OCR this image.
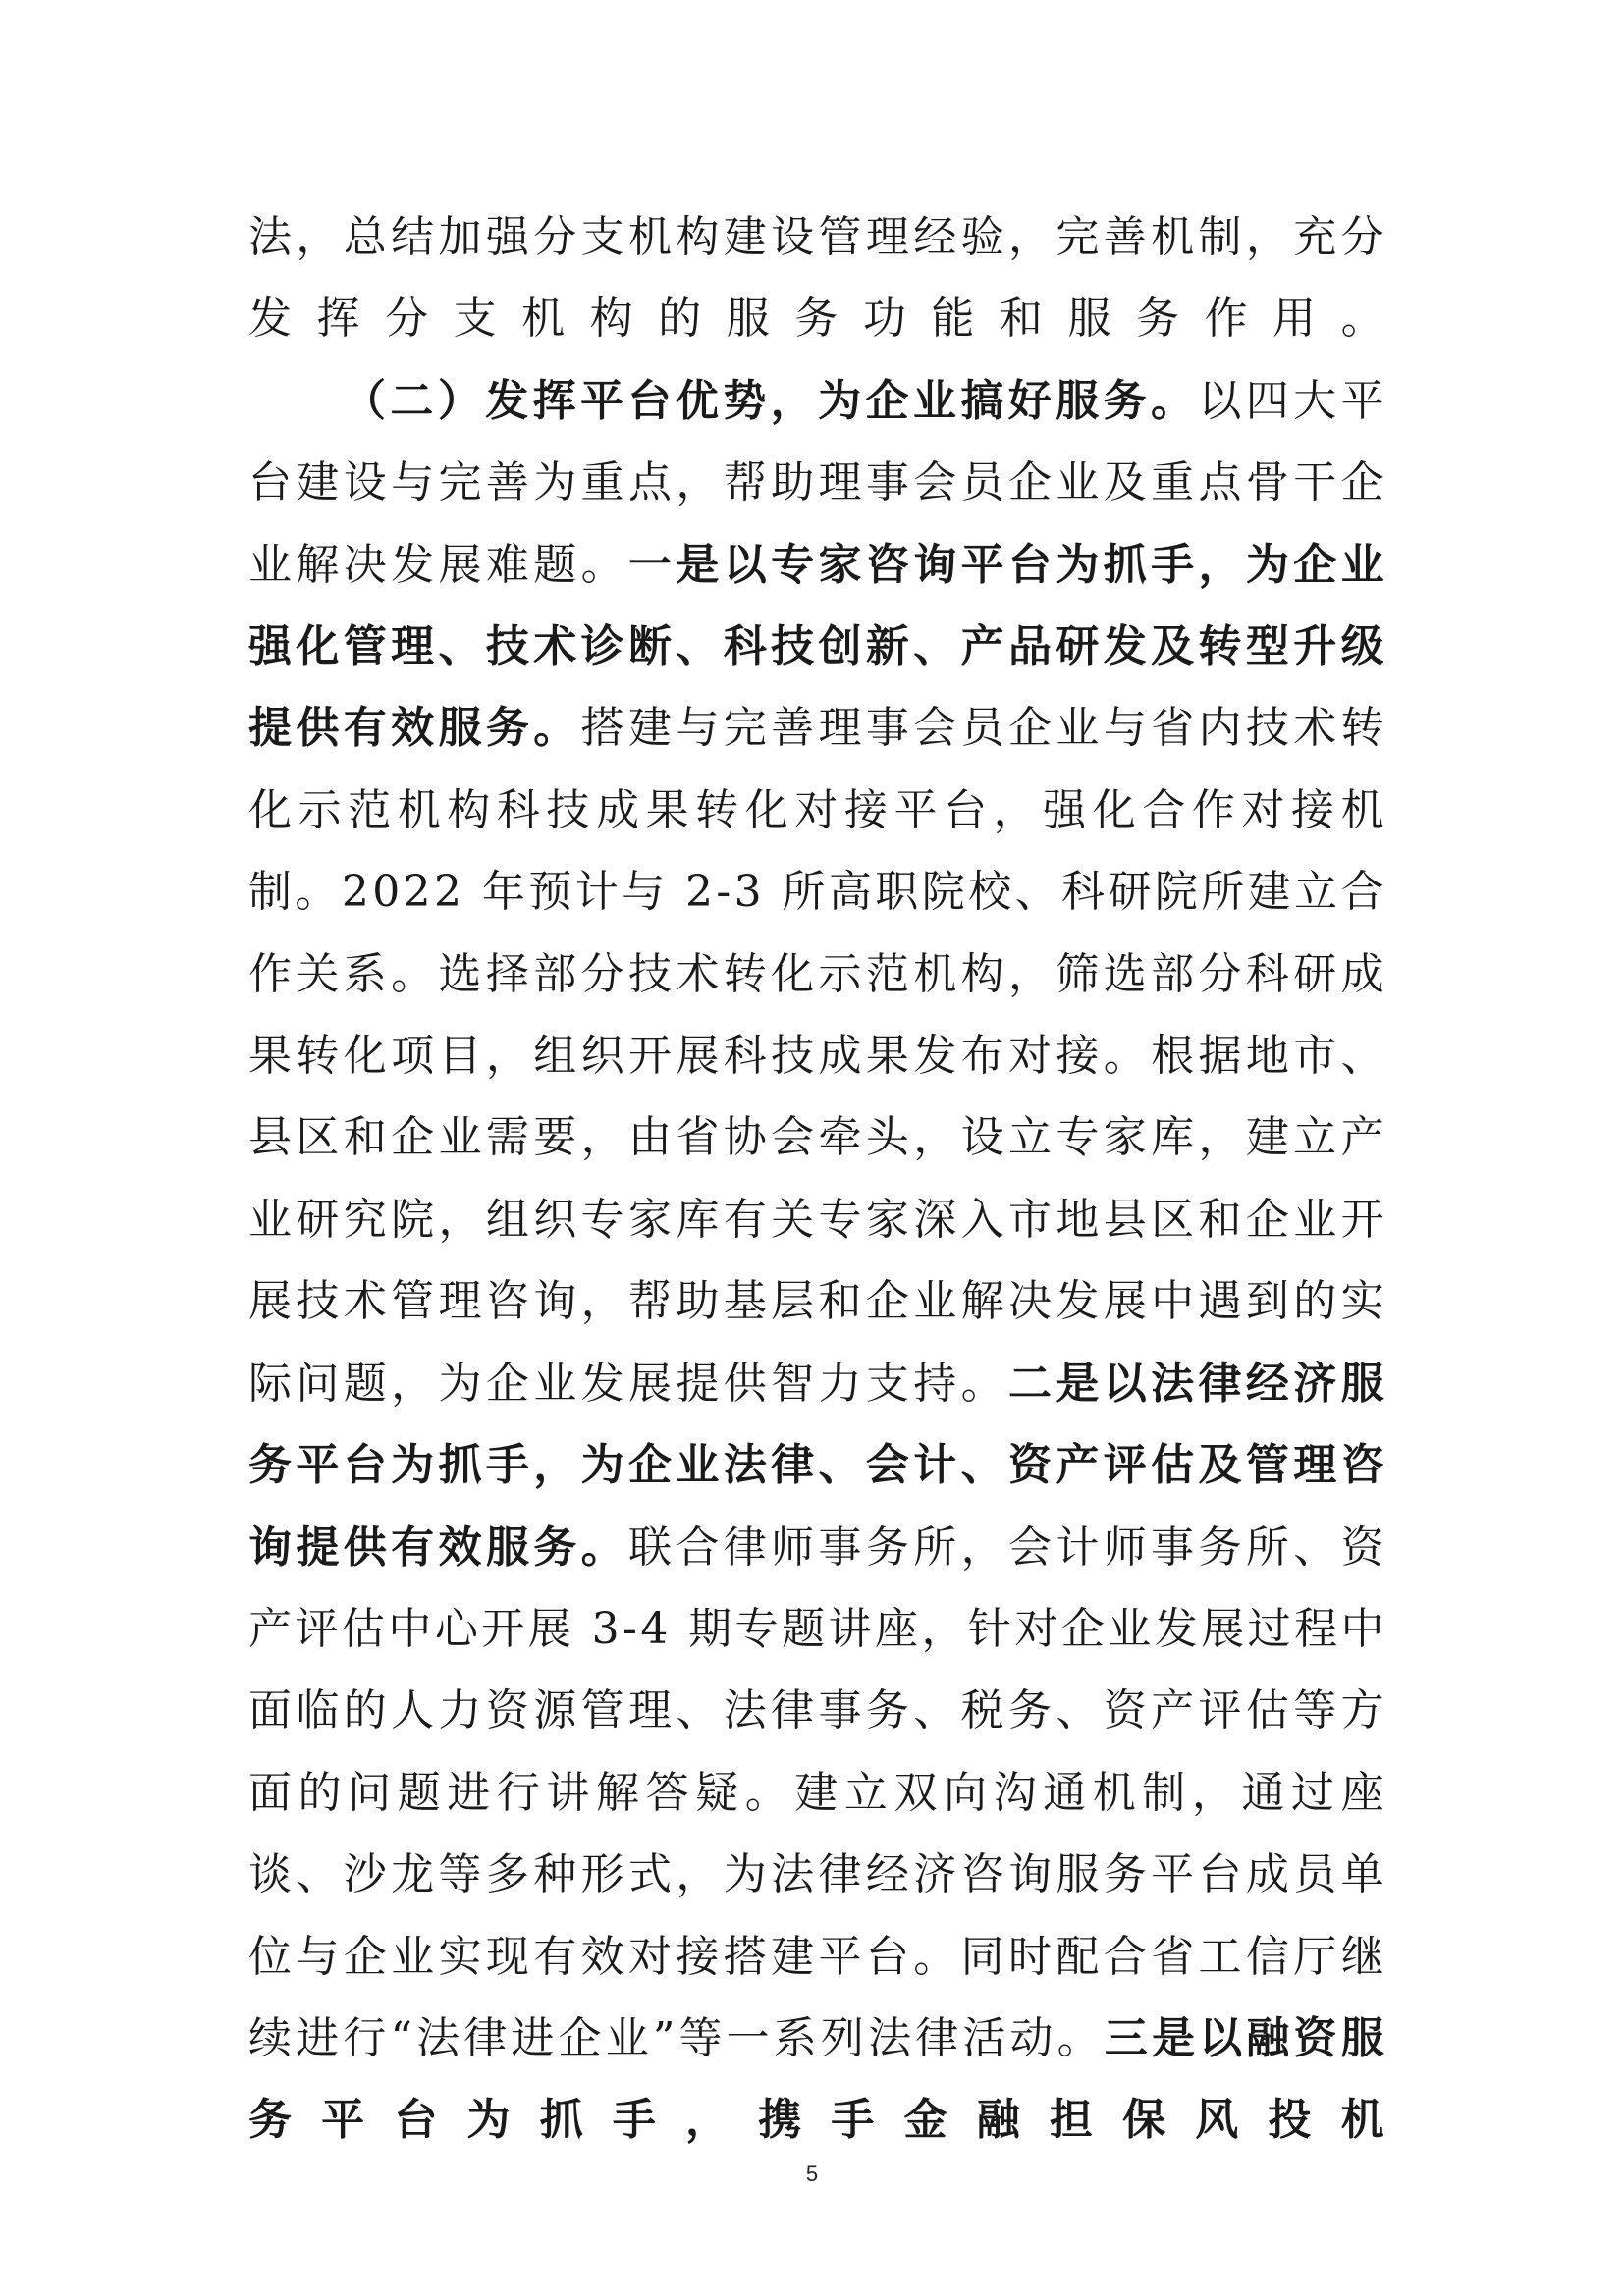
法，总结加强分支机构建设管理经验，完善机制，充分发挥分支机构的服务功能和服务作用。

（二）发挥平台优势，为企业搞好服务。以四大平台建设与完善为重点，帮助理事会员企业及重点骨干企业解决发展难题。一是以专家咨询平台为抓手，为企业强化管理、技术诊断、科技创新、产品研发及转型升级提供有效服务。搭建与完善理事会员企业与省内技术转化示范机构科技成果转化对接平台，强化合作对接机制。2022 年预计与 2-3 所高职院校、科研院所建立合作关系。选择部分技术转化示范机构，筛选部分科研成果转化项目，组织开展科技成果发布对接。根据地市、县区和企业需要，由省协会牵头，设立专家库，建立产业研究院，组织专家库有关专家深入市地县区和企业开展技术管理咨询，帮助基层和企业解决发展中遇到的实际问题，为企业发展提供智力支持。二是以法律经济服务平台为抓手，为企业法律、会计、资产评估及管理咨询提供有效服务。联合律师事务所，会计师事务所、资产评估中心开展 3-4 期专题讲座，针对企业发展过程中面临的人力资源管理、法律事务、税务、资产评估等方面的问题进行讲解答疑。建立双向沟通机制，通过座谈、沙龙等多种形式，为法律经济咨询服务平台成员单位与企业实现有效对接搭建平台。同时配合省工信厅继续进行“法律进企业”等一系列法律活动。三是以融资服务平台为抓手，携手金融担保风投机

5
